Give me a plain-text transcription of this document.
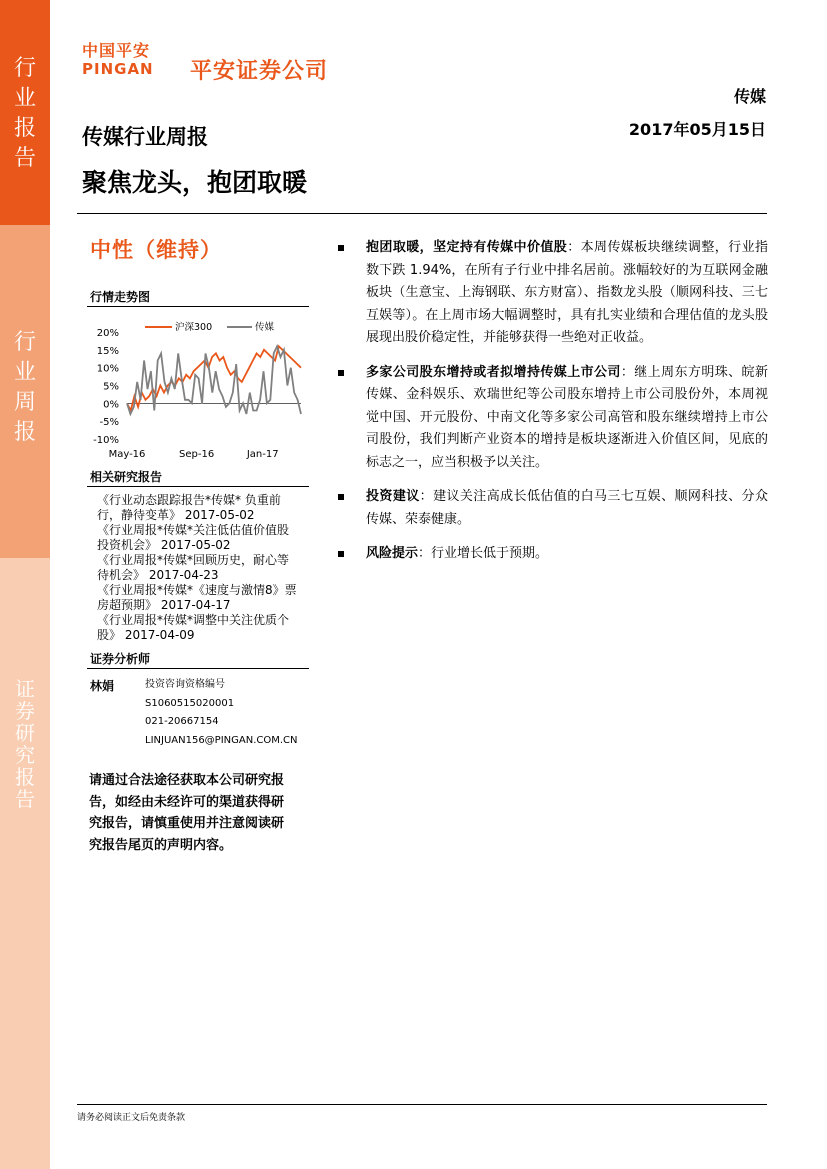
行
业
报
告
行
业
周
报
证
券
研
究
报
告
中国平安
PINGAN 平安证券公司
传媒
2017年05月15日
传媒行业周报
聚焦龙头，抱团取暖
中性（维持）
行情走势图
20%
15%
10%
5%
0%
-5%
-10%
May-16	Sep-16	Jan-17
沪深300	传媒
相关研究报告
《行业动态跟踪报告*传媒* 负重前
行，静待变革》 2017-05-02
《行业周报*传媒*关注低估值价值股
投资机会》 2017-05-02
《行业周报*传媒*回顾历史，耐心等
待机会》 2017-04-23
《行业周报*传媒*《速度与激情8》票
房超预期》 2017-04-17
《行业周报*传媒*调整中关注优质个
股》 2017-04-09
证券分析师
林娟	投资咨询资格编号
S1060515020001
021-20667154
LINJUAN156@PINGAN.COM.CN
请通过合法途径获取本公司研究报告，如经由未经许可的渠道获得研究报告，请慎重使用并注意阅读研究报告尾页的声明内容。
抱团取暖，坚定持有传媒中价值股：本周传媒板块继续调整，行业指数下跌 1.94%，在所有子行业中排名居前。涨幅较好的为互联网金融板块（生意宝、上海钢联、东方财富）、指数龙头股（顺网科技、三七互娱等）。在上周市场大幅调整时，具有扎实业绩和合理估值的龙头股展现出股价稳定性，并能够获得一些绝对正收益。
多家公司股东增持或者拟增持传媒上市公司：继上周东方明珠、皖新传媒、金科娱乐、欢瑞世纪等公司股东增持上市公司股份外，本周视觉中国、开元股份、中南文化等多家公司高管和股东继续增持上市公司股份，我们判断产业资本的增持是板块逐渐进入价值区间，见底的标志之一，应当积极予以关注。
投资建议：建议关注高成长低估值的白马三七互娱、顺网科技、分众传媒、荣泰健康。
风险提示：行业增长低于预期。
请务必阅读正文后免责条款
